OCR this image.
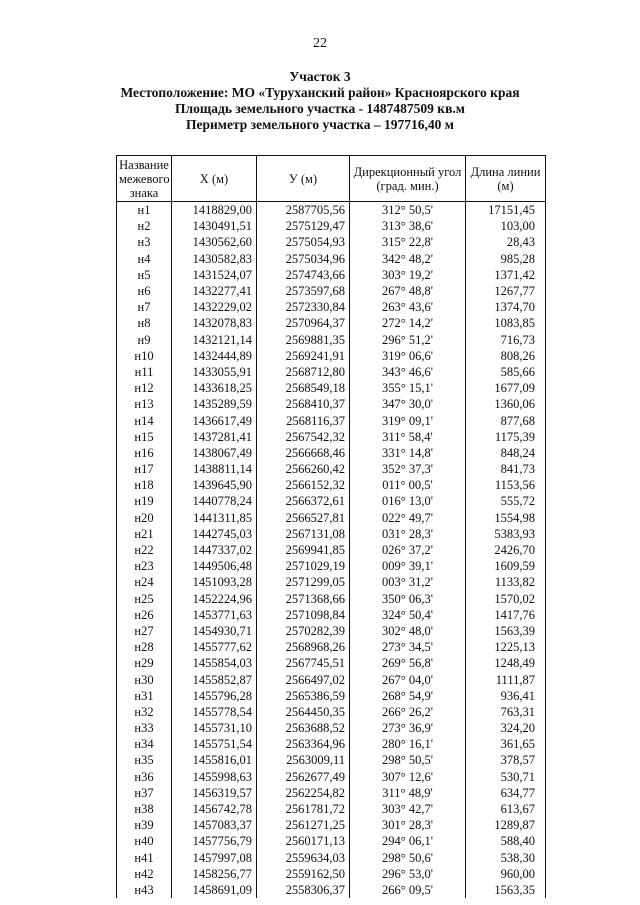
22
Участок 3
Местоположение: МО «Туруханский район» Красноярского края
Площадь земельного участка - 1487487509 кв.м
Периметр земельного участка – 197716,40 м
Название межевого знака	X (м)	У (м)	Дирекционный угол (град. мин.)	Длина линии (м)
н1	1418829,00	2587705,56	312° 50,5'	17151,45
н2	1430491,51	2575129,47	313° 38,6'	103,00
н3	1430562,60	2575054,93	315° 22,8'	28,43
н4	1430582,83	2575034,96	342° 48,2'	985,28
н5	1431524,07	2574743,66	303° 19,2'	1371,42
н6	1432277,41	2573597,68	267° 48,8'	1267,77
н7	1432229,02	2572330,84	263° 43,6'	1374,70
н8	1432078,83	2570964,37	272° 14,2'	1083,85
н9	1432121,14	2569881,35	296° 51,2'	716,73
н10	1432444,89	2569241,91	319° 06,6'	808,26
н11	1433055,91	2568712,80	343° 46,6'	585,66
н12	1433618,25	2568549,18	355° 15,1'	1677,09
н13	1435289,59	2568410,37	347° 30,0'	1360,06
н14	1436617,49	2568116,37	319° 09,1'	877,68
н15	1437281,41	2567542,32	311° 58,4'	1175,39
н16	1438067,49	2566668,46	331° 14,8'	848,24
н17	1438811,14	2566260,42	352° 37,3'	841,73
н18	1439645,90	2566152,32	011° 00,5'	1153,56
н19	1440778,24	2566372,61	016° 13,0'	555,72
н20	1441311,85	2566527,81	022° 49,7'	1554,98
н21	1442745,03	2567131,08	031° 28,3'	5383,93
н22	1447337,02	2569941,85	026° 37,2'	2426,70
н23	1449506,48	2571029,19	009° 39,1'	1609,59
н24	1451093,28	2571299,05	003° 31,2'	1133,82
н25	1452224,96	2571368,66	350° 06,3'	1570,02
н26	1453771,63	2571098,84	324° 50,4'	1417,76
н27	1454930,71	2570282,39	302° 48,0'	1563,39
н28	1455777,62	2568968,26	273° 34,5'	1225,13
н29	1455854,03	2567745,51	269° 56,8'	1248,49
н30	1455852,87	2566497,02	267° 04,0'	1111,87
н31	1455796,28	2565386,59	268° 54,9'	936,41
н32	1455778,54	2564450,35	266° 26,2'	763,31
н33	1455731,10	2563688,52	273° 36,9'	324,20
н34	1455751,54	2563364,96	280° 16,1'	361,65
н35	1455816,01	2563009,11	298° 50,5'	378,57
н36	1455998,63	2562677,49	307° 12,6'	530,71
н37	1456319,57	2562254,82	311° 48,9'	634,77
н38	1456742,78	2561781,72	303° 42,7'	613,67
н39	1457083,37	2561271,25	301° 28,3'	1289,87
н40	1457756,79	2560171,13	294° 06,1'	588,40
н41	1457997,08	2559634,03	298° 50,6'	538,30
н42	1458256,77	2559162,50	296° 53,0'	960,00
н43	1458691,09	2558306,37	266° 09,5'	1563,35
